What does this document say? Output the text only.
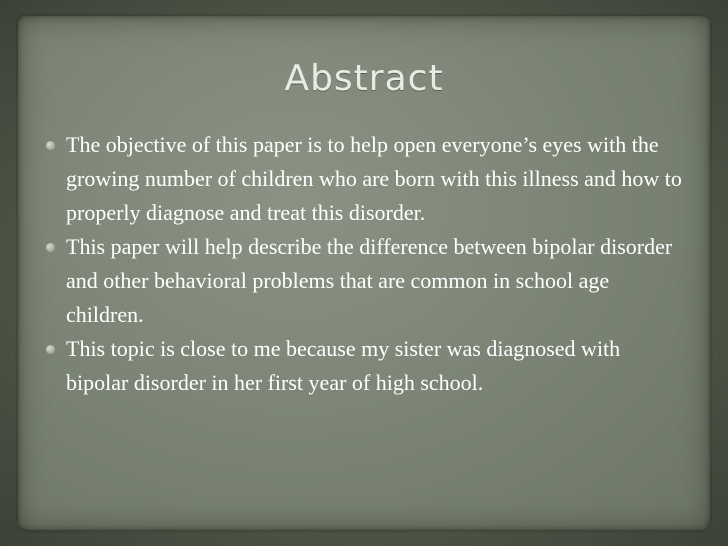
Abstract
The objective of this paper is to help open everyone’s eyes with the growing number of children who are born with this illness and how to properly diagnose and treat this disorder.
This paper will help describe the difference between bipolar disorder and other behavioral problems that are common in school age children.
This topic is close to me because my sister was diagnosed with bipolar disorder in her first year of high school.
